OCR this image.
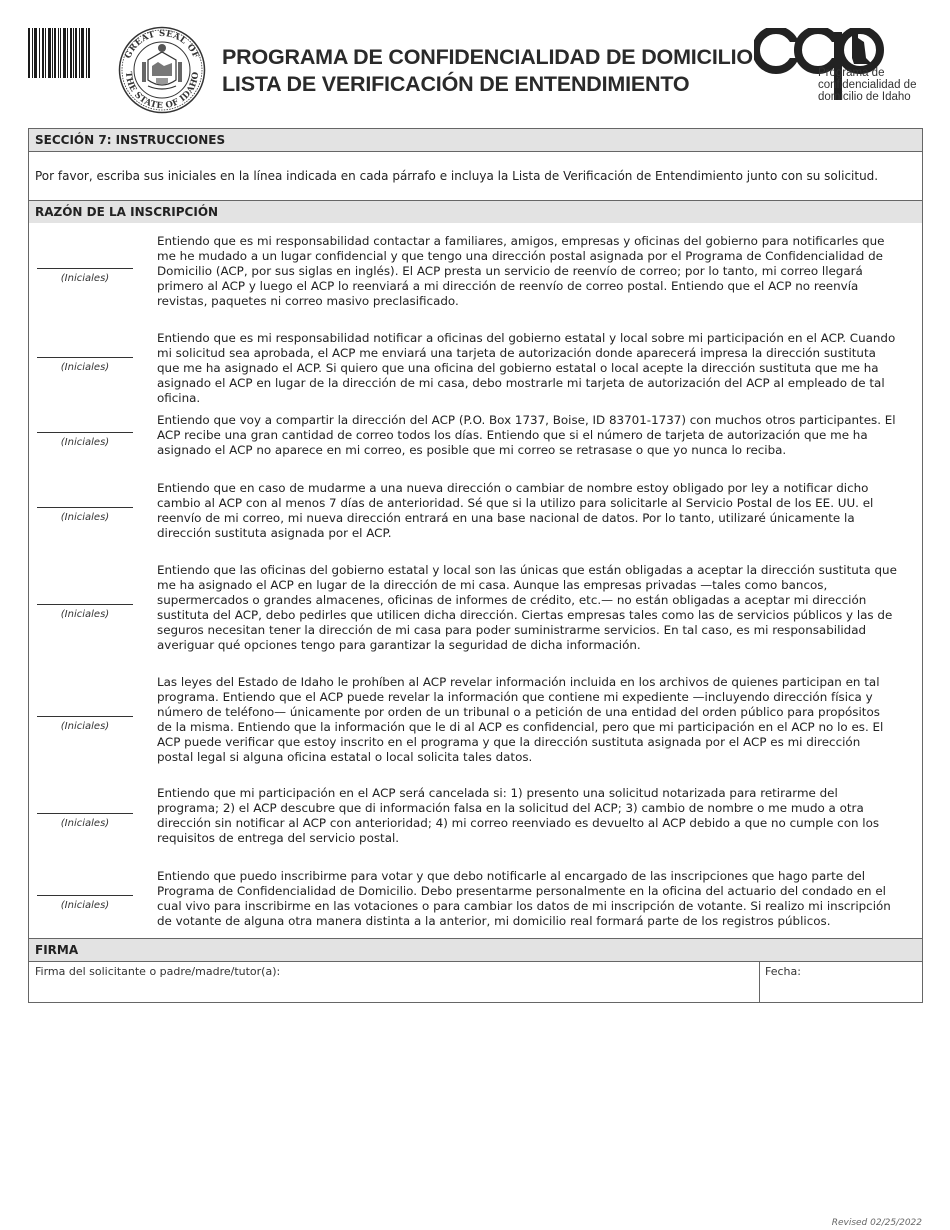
GREAT SEAL OF
THE STATE OF IDAHO
PROGRAMA DE CONFIDENCIALIDAD DE DOMICILIO
LISTA DE VERIFICACIÓN DE ENTENDIMIENTO	Programa de
confidencialidad de
domicilio de Idaho
SECCIÓN 7: INSTRUCCIONES
Por favor, escriba sus iniciales en la línea indicada en cada párrafo e incluya la Lista de Verificación de Entendimiento junto con su solicitud.
RAZÓN DE LA INSCRIPCIÓN
(Iniciales)
Entiendo que es mi responsabilidad contactar a familiares, amigos, empresas y oficinas del gobierno para notificarles que me he mudado a un lugar confidencial y que tengo una dirección postal asignada por el Programa de Confidencialidad de Domicilio (ACP, por sus siglas en inglés). El ACP presta un servicio de reenvío de correo; por lo tanto, mi correo llegará primero al ACP y luego el ACP lo reenviará a mi dirección de reenvío de correo postal. Entiendo que el ACP no reenvía revistas, paquetes ni correo masivo preclasificado.
(Iniciales)
Entiendo que es mi responsabilidad notificar a oficinas del gobierno estatal y local sobre mi participación en el ACP. Cuando mi solicitud sea aprobada, el ACP me enviará una tarjeta de autorización donde aparecerá impresa la dirección sustituta que me ha asignado el ACP. Si quiero que una oficina del gobierno estatal o local acepte la dirección sustituta que me ha asignado el ACP en lugar de la dirección de mi casa, debo mostrarle mi tarjeta de autorización del ACP al empleado de tal oficina.
(Iniciales)
Entiendo que voy a compartir la dirección del ACP (P.O. Box 1737, Boise, ID 83701-1737) con muchos otros participantes. El ACP recibe una gran cantidad de correo todos los días. Entiendo que si el número de tarjeta de autorización que me ha asignado el ACP no aparece en mi correo, es posible que mi correo se retrasase o que yo nunca lo reciba.
(Iniciales)
Entiendo que en caso de mudarme a una nueva dirección o cambiar de nombre estoy obligado por ley a notificar dicho cambio al ACP con al menos 7 días de anterioridad. Sé que si la utilizo para solicitarle al Servicio Postal de los EE. UU. el reenvío de mi correo, mi nueva dirección entrará en una base nacional de datos. Por lo tanto, utilizaré únicamente la dirección sustituta asignada por el ACP.
(Iniciales)
Entiendo que las oficinas del gobierno estatal y local son las únicas que están obligadas a aceptar la dirección sustituta que me ha asignado el ACP en lugar de la dirección de mi casa. Aunque las empresas privadas —tales como bancos, supermercados o grandes almacenes, oficinas de informes de crédito, etc.— no están obligadas a aceptar mi dirección sustituta del ACP, debo pedirles que utilicen dicha dirección. Ciertas empresas tales como las de servicios públicos y las de seguros necesitan tener la dirección de mi casa para poder suministrarme servicios. En tal caso, es mi responsabilidad averiguar qué opciones tengo para garantizar la seguridad de dicha información.
(Iniciales)
Las leyes del Estado de Idaho le prohíben al ACP revelar información incluida en los archivos de quienes participan en tal programa. Entiendo que el ACP puede revelar la información que contiene mi expediente —incluyendo dirección física y número de teléfono— únicamente por orden de un tribunal o a petición de una entidad del orden público para propósitos de la misma. Entiendo que la información que le di al ACP es confidencial, pero que mi participación en el ACP no lo es. El ACP puede verificar que estoy inscrito en el programa y que la dirección sustituta asignada por el ACP es mi dirección postal legal si alguna oficina estatal o local solicita tales datos.
(Iniciales)
Entiendo que mi participación en el ACP será cancelada si: 1) presento una solicitud notarizada para retirarme del programa; 2) el ACP descubre que di información falsa en la solicitud del ACP; 3) cambio de nombre o me mudo a otra dirección sin notificar al ACP con anterioridad; 4) mi correo reenviado es devuelto al ACP debido a que no cumple con los requisitos de entrega del servicio postal.
(Iniciales)
Entiendo que puedo inscribirme para votar y que debo notificarle al encargado de las inscripciones que hago parte del Programa de Confidencialidad de Domicilio. Debo presentarme personalmente en la oficina del actuario del condado en el cual vivo para inscribirme en las votaciones o para cambiar los datos de mi inscripción de votante. Si realizo mi inscripción de votante de alguna otra manera distinta a la anterior, mi domicilio real formará parte de los registros públicos.
FIRMA
Firma del solicitante o padre/madre/tutor(a):	Fecha:
Revised 02/25/2022
